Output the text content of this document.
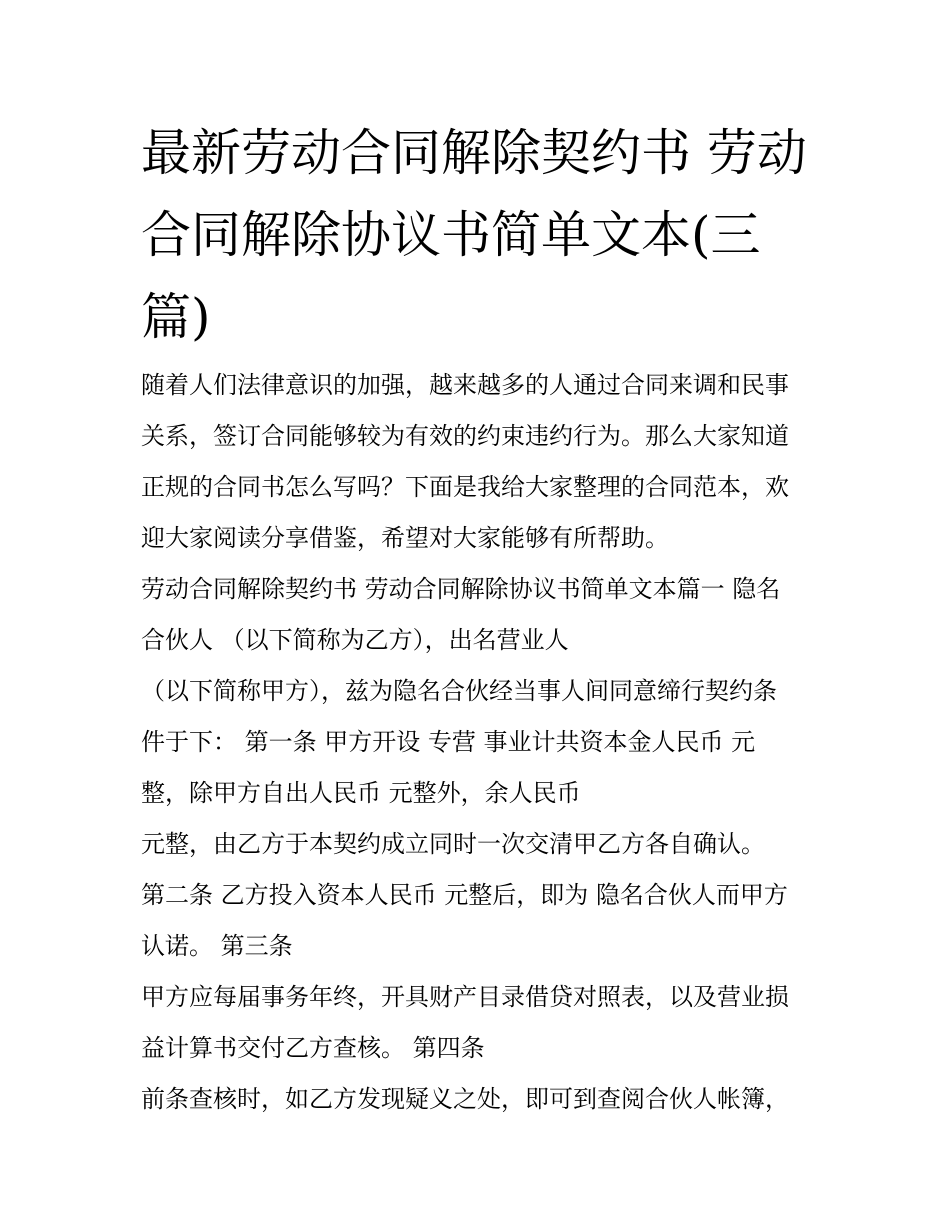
最新劳动合同解除契约书 劳动合同解除协议书简单文本(三篇)
随着人们法律意识的加强，越来越多的人通过合同来调和民事
关系，签订合同能够较为有效的约束违约行为。那么大家知道
正规的合同书怎么写吗？下面是我给大家整理的合同范本，欢
迎大家阅读分享借鉴，希望对大家能够有所帮助。
劳动合同解除契约书 劳动合同解除协议书简单文本篇一 隐名
合伙人 （以下简称为乙方），出名营业人
（以下简称甲方），兹为隐名合伙经当事人间同意缔行契约条
件于下： 第一条 甲方开设 专营 事业计共资本金人民币 元
整，除甲方自出人民币 元整外，余人民币
元整，由乙方于本契约成立同时一次交清甲乙方各自确认。
第二条 乙方投入资本人民币 元整后，即为 隐名合伙人而甲方
认诺。 第三条
甲方应每届事务年终，开具财产目录借贷对照表，以及营业损
益计算书交付乙方查核。 第四条
前条查核时，如乙方发现疑义之处，即可到查阅合伙人帐簿，
